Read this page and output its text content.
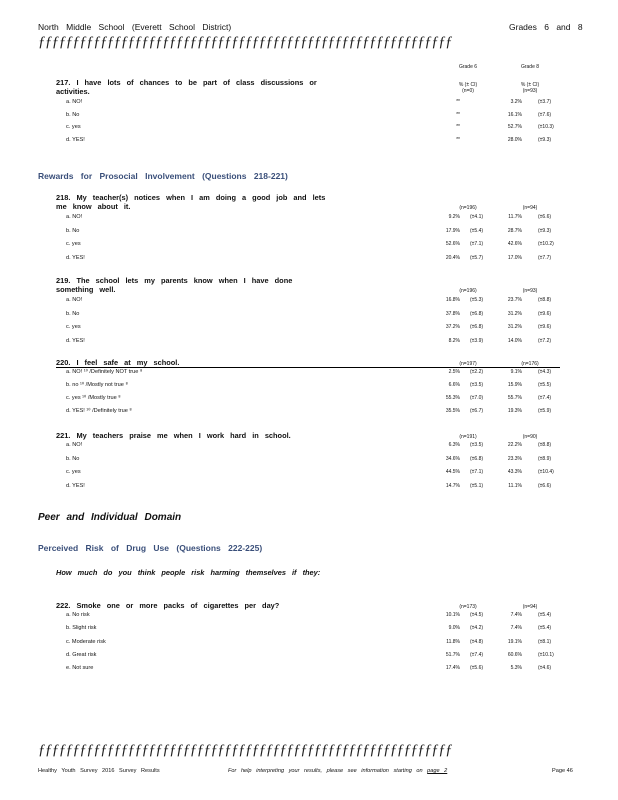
North Middle School (Everett School District)	Grades 6 and 8
ƒƒƒƒƒƒƒƒƒƒƒƒƒƒƒƒƒƒƒƒƒƒƒƒƒƒƒƒƒƒƒƒƒƒƒƒƒƒƒƒƒƒƒƒƒƒƒƒƒƒƒƒƒƒƒƒƒƒƒƒ
Grade 6	Grade 8
% (± CI)	% (± CI)
(n=0)	(n=93)
217. I have lots of chances to be part of class discussions or activities.
a. NO!	**	3.2%	(±3.7)
b. No	**	16.1%	(±7.6)
c. yes	**	52.7%	(±10.3)
d. YES!	**	28.0%	(±9.3)
Rewards for Prosocial Involvement (Questions 218-221)
218. My teacher(s) notices when I am doing a good job and lets me know about it.	(n=196)	(n=94)
a. NO!	9.2% (±4.1)	11.7%	(±6.6)
b. No	17.9% (±5.4)	28.7%	(±9.3)
c. yes	52.6% (±7.1)	42.6%	(±10.2)
d. YES!	20.4% (±5.7)	17.0%	(±7.7)
219. The school lets my parents know when I have done something well.	(n=196)	(n=93)
a. NO!	16.8% (±5.3)	23.7%	(±8.8)
b. No	37.8% (±6.8)	31.2%	(±9.6)
c. yes	37.2% (±6.8)	31.2%	(±9.6)
d. YES!	8.2% (±3.9)	14.0%	(±7.2)
220. I feel safe at my school.	(n=197)	(n=176)
a. NO! ¹⁰ /Definitely NOT true ⁸	2.5% (±2.2)	9.1%	(±4.3)
b. no ¹⁰ /Mostly not true ⁸	6.6% (±3.5)	15.9%	(±5.5)
c. yes ¹⁰ /Mostly true ⁸	55.3% (±7.0)	55.7%	(±7.4)
d. YES! ¹⁰ /Definitely true ⁸	35.5% (±6.7)	19.3%	(±5.9)
221. My teachers praise me when I work hard in school.	(n=191)	(n=90)
a. NO!	6.3% (±3.5)	22.2%	(±8.8)
b. No	34.6% (±6.8)	23.3%	(±8.9)
c. yes	44.5% (±7.1)	43.3%	(±10.4)
d. YES!	14.7% (±5.1)	11.1%	(±6.6)
Peer and Individual Domain
Perceived Risk of Drug Use (Questions 222-225)
How much do you think people risk harming themselves if they:
222. Smoke one or more packs of cigarettes per day?	(n=173)	(n=94)
a. No risk	10.1% (±4.5)	7.4%	(±5.4)
b. Slight risk	9.0% (±4.2)	7.4%	(±5.4)
c. Moderate risk	11.8% (±4.8)	19.1%	(±8.1)
d. Great risk	51.7% (±7.4)	60.6%	(±10.1)
e. Not sure	17.4% (±5.6)	5.3%	(±4.6)
ƒƒƒƒƒƒƒƒƒƒƒƒƒƒƒƒƒƒƒƒƒƒƒƒƒƒƒƒƒƒƒƒƒƒƒƒƒƒƒƒƒƒƒƒƒƒƒƒƒƒƒƒƒƒƒƒƒƒƒƒ
Healthy Youth Survey 2016 Survey Results	For help interpreting your results, please see information starting on page 2	Page 46
